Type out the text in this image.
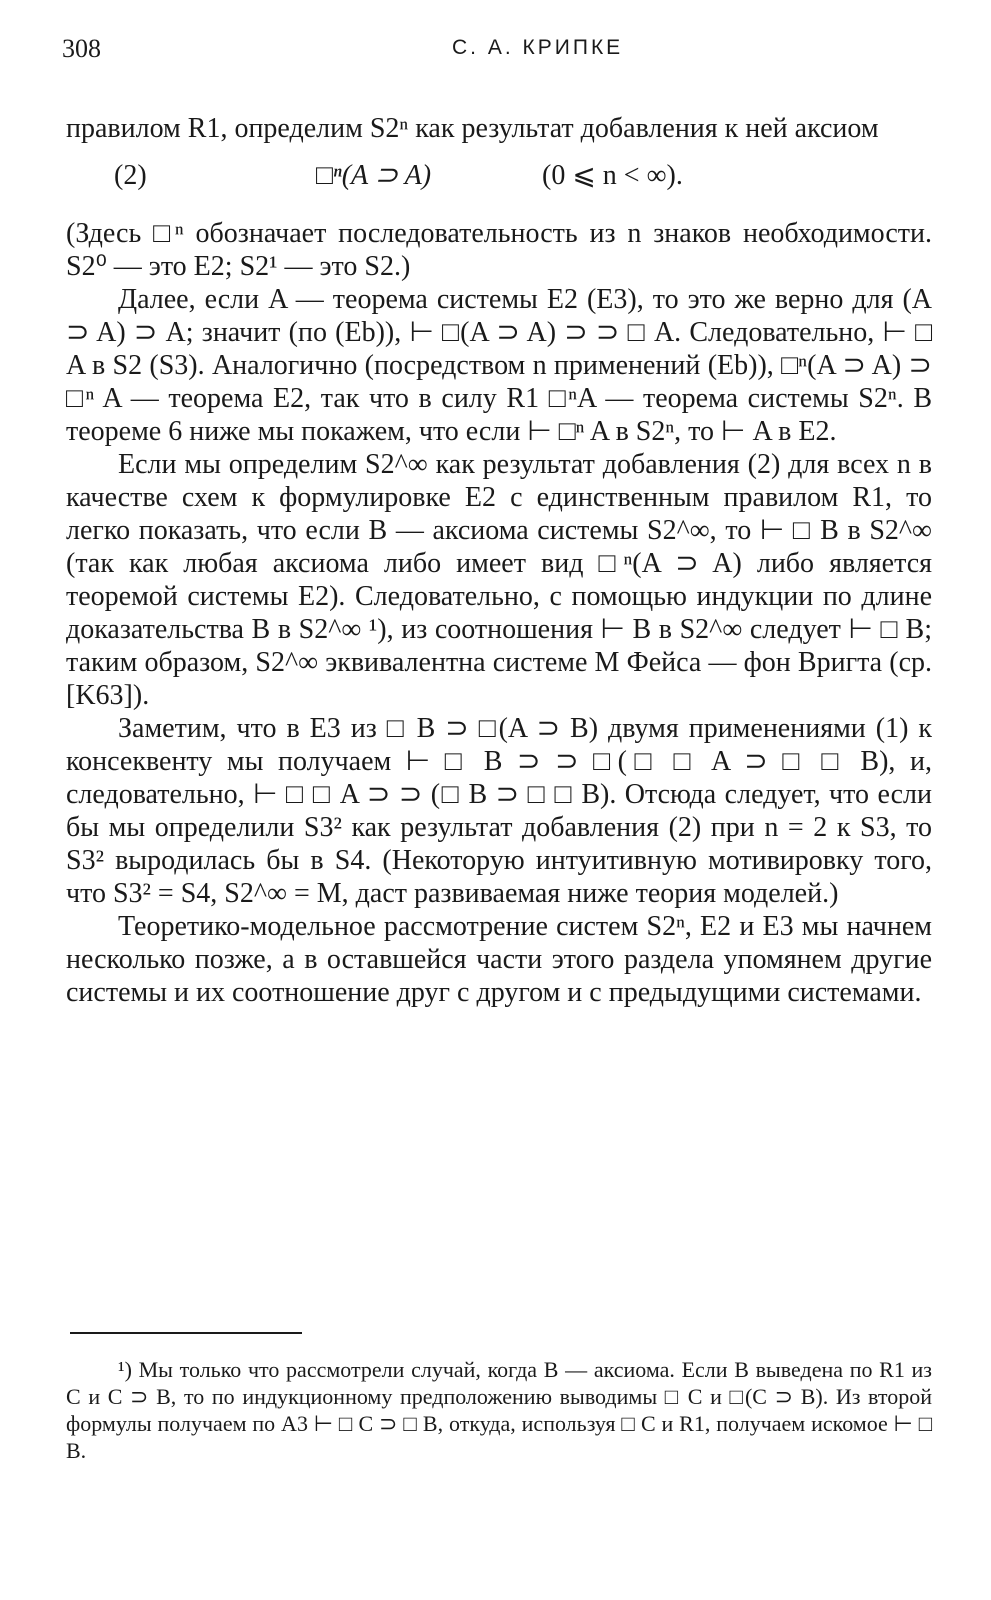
308	С. А. КРИПКЕ

правилом R1, определим S2ⁿ как результат добавления к ней аксиом

(2)	□ⁿ(A ⊃ A)	(0 ⩽ n < ∞).

(Здесь □ⁿ обозначает последовательность из n знаков необходимости. S2⁰ — это E2; S2¹ — это S2.)

Далее, если A — теорема системы E2 (E3), то это же верно для (A ⊃ A) ⊃ A; значит (по (Eb)), ⊢ □(A ⊃ A) ⊃ ⊃ □ A. Следовательно, ⊢ □ A в S2 (S3). Аналогично (посредством n применений (Eb)), □ⁿ(A ⊃ A) ⊃ □ⁿ A — теорема E2, так что в силу R1 □ⁿA — теорема системы S2ⁿ. В теореме 6 ниже мы покажем, что если ⊢ □ⁿ A в S2ⁿ, то ⊢ A в E2.

Если мы определим S2^∞ как результат добавления (2) для всех n в качестве схем к формулировке E2 с единственным правилом R1, то легко показать, что если B — аксиома системы S2^∞, то ⊢ □ B в S2^∞ (так как любая аксиома либо имеет вид □ⁿ(A ⊃ A) либо является теоремой системы E2). Следовательно, с помощью индукции по длине доказательства B в S2^∞ ¹), из соотношения ⊢ B в S2^∞ следует ⊢ □ B; таким образом, S2^∞ эквивалентна системе M Фейса — фон Вригта (ср. [K63]).

Заметим, что в E3 из □ B ⊃ □(A ⊃ B) двумя применениями (1) к консеквенту мы получаем ⊢ □ B ⊃ ⊃ □(□ □ A ⊃ □ □ B), и, следовательно, ⊢ □ □ A ⊃ ⊃ (□ B ⊃ □ □ B). Отсюда следует, что если бы мы определили S3² как результат добавления (2) при n = 2 к S3, то S3² выродилась бы в S4. (Некоторую интуитивную мотивировку того, что S3² = S4, S2^∞ = M, даст развиваемая ниже теория моделей.)

Теоретико-модельное рассмотрение систем S2ⁿ, E2 и E3 мы начнем несколько позже, а в оставшейся части этого раздела упомянем другие системы и их соотношение друг с другом и с предыдущими системами.

¹) Мы только что рассмотрели случай, когда B — аксиома. Если B выведена по R1 из C и C ⊃ B, то по индукционному предположению выводимы □ C и □(C ⊃ B). Из второй формулы получаем по A3 ⊢ □ C ⊃ □ B, откуда, используя □ C и R1, получаем искомое ⊢ □ B.
